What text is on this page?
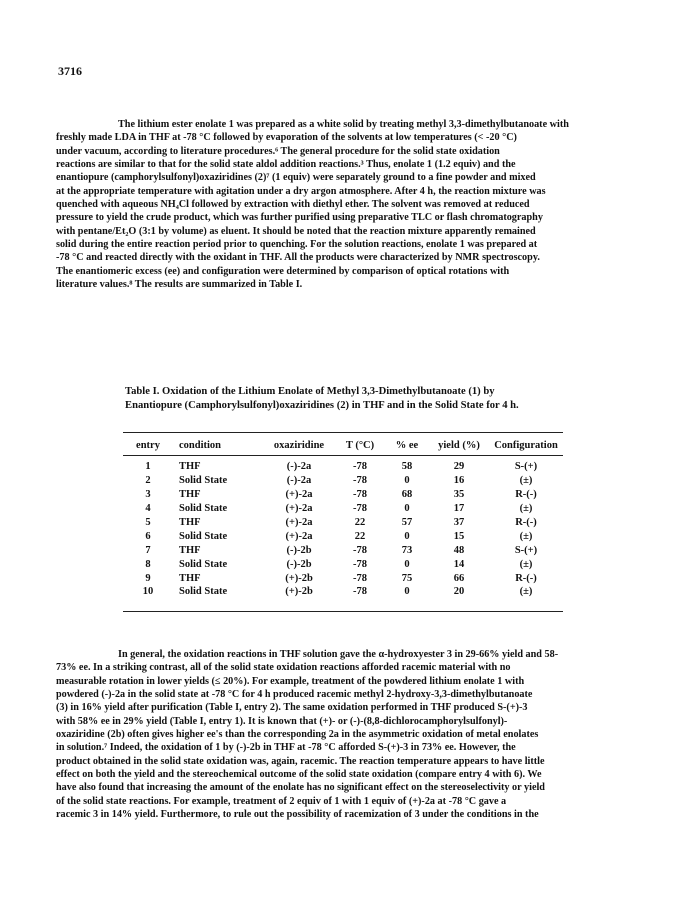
3716

The lithium ester enolate 1 was prepared as a white solid by treating methyl 3,3-dimethylbutanoate with
freshly made LDA in THF at -78 °C followed by evaporation of the solvents at low temperatures (< -20 °C)
under vacuum, according to literature procedures.⁶ The general procedure for the solid state oxidation
reactions are similar to that for the solid state aldol addition reactions.³ Thus, enolate 1 (1.2 equiv) and the
enantiopure (camphorylsulfonyl)oxaziridines (2)⁷ (1 equiv) were separately ground to a fine powder and mixed
at the appropriate temperature with agitation under a dry argon atmosphere. After 4 h, the reaction mixture was
quenched with aqueous NH₄Cl followed by extraction with diethyl ether. The solvent was removed at reduced
pressure to yield the crude product, which was further purified using preparative TLC or flash chromatography
with pentane/Et₂O (3:1 by volume) as eluent. It should be noted that the reaction mixture apparently remained
solid during the entire reaction period prior to quenching. For the solution reactions, enolate 1 was prepared at
-78 °C and reacted directly with the oxidant in THF. All the products were characterized by NMR spectroscopy.
The enantiomeric excess (ee) and configuration were determined by comparison of optical rotations with
literature values.⁸ The results are summarized in Table I.

Table I. Oxidation of the Lithium Enolate of Methyl 3,3-Dimethylbutanoate (1) by
Enantiopure (Camphorylsulfonyl)oxaziridines (2) in THF and in the Solid State for 4 h.

entry	condition	oxaziridine	T (°C)	% ee	yield (%)	Configuration

1	THF	(-)-2a	-78	58	29	S-(+)
2	Solid State	(-)-2a	-78	0	16	(±)
3	THF	(+)-2a	-78	68	35	R-(-)
4	Solid State	(+)-2a	-78	0	17	(±)
5	THF	(+)-2a	22	57	37	R-(-)
6	Solid State	(+)-2a	22	0	15	(±)
7	THF	(-)-2b	-78	73	48	S-(+)
8	Solid State	(-)-2b	-78	0	14	(±)
9	THF	(+)-2b	-78	75	66	R-(-)
10	Solid State	(+)-2b	-78	0	20	(±)

In general, the oxidation reactions in THF solution gave the α-hydroxyester 3 in 29-66% yield and 58-
73% ee. In a striking contrast, all of the solid state oxidation reactions afforded racemic material with no
measurable rotation in lower yields (≤ 20%). For example, treatment of the powdered lithium enolate 1 with
powdered (-)-2a in the solid state at -78 °C for 4 h produced racemic methyl 2-hydroxy-3,3-dimethylbutanoate
(3) in 16% yield after purification (Table I, entry 2). The same oxidation performed in THF produced S-(+)-3
with 58% ee in 29% yield (Table I, entry 1). It is known that (+)- or (-)-(8,8-dichlorocamphorylsulfonyl)-
oxaziridine (2b) often gives higher ee's than the corresponding 2a in the asymmetric oxidation of metal enolates
in solution.⁷ Indeed, the oxidation of 1 by (-)-2b in THF at -78 °C afforded S-(+)-3 in 73% ee. However, the
product obtained in the solid state oxidation was, again, racemic. The reaction temperature appears to have little
effect on both the yield and the stereochemical outcome of the solid state oxidation (compare entry 4 with 6). We
have also found that increasing the amount of the enolate has no significant effect on the stereoselectivity or yield
of the solid state reactions. For example, treatment of 2 equiv of 1 with 1 equiv of (+)-2a at -78 °C gave a
racemic 3 in 14% yield. Furthermore, to rule out the possibility of racemization of 3 under the conditions in the
